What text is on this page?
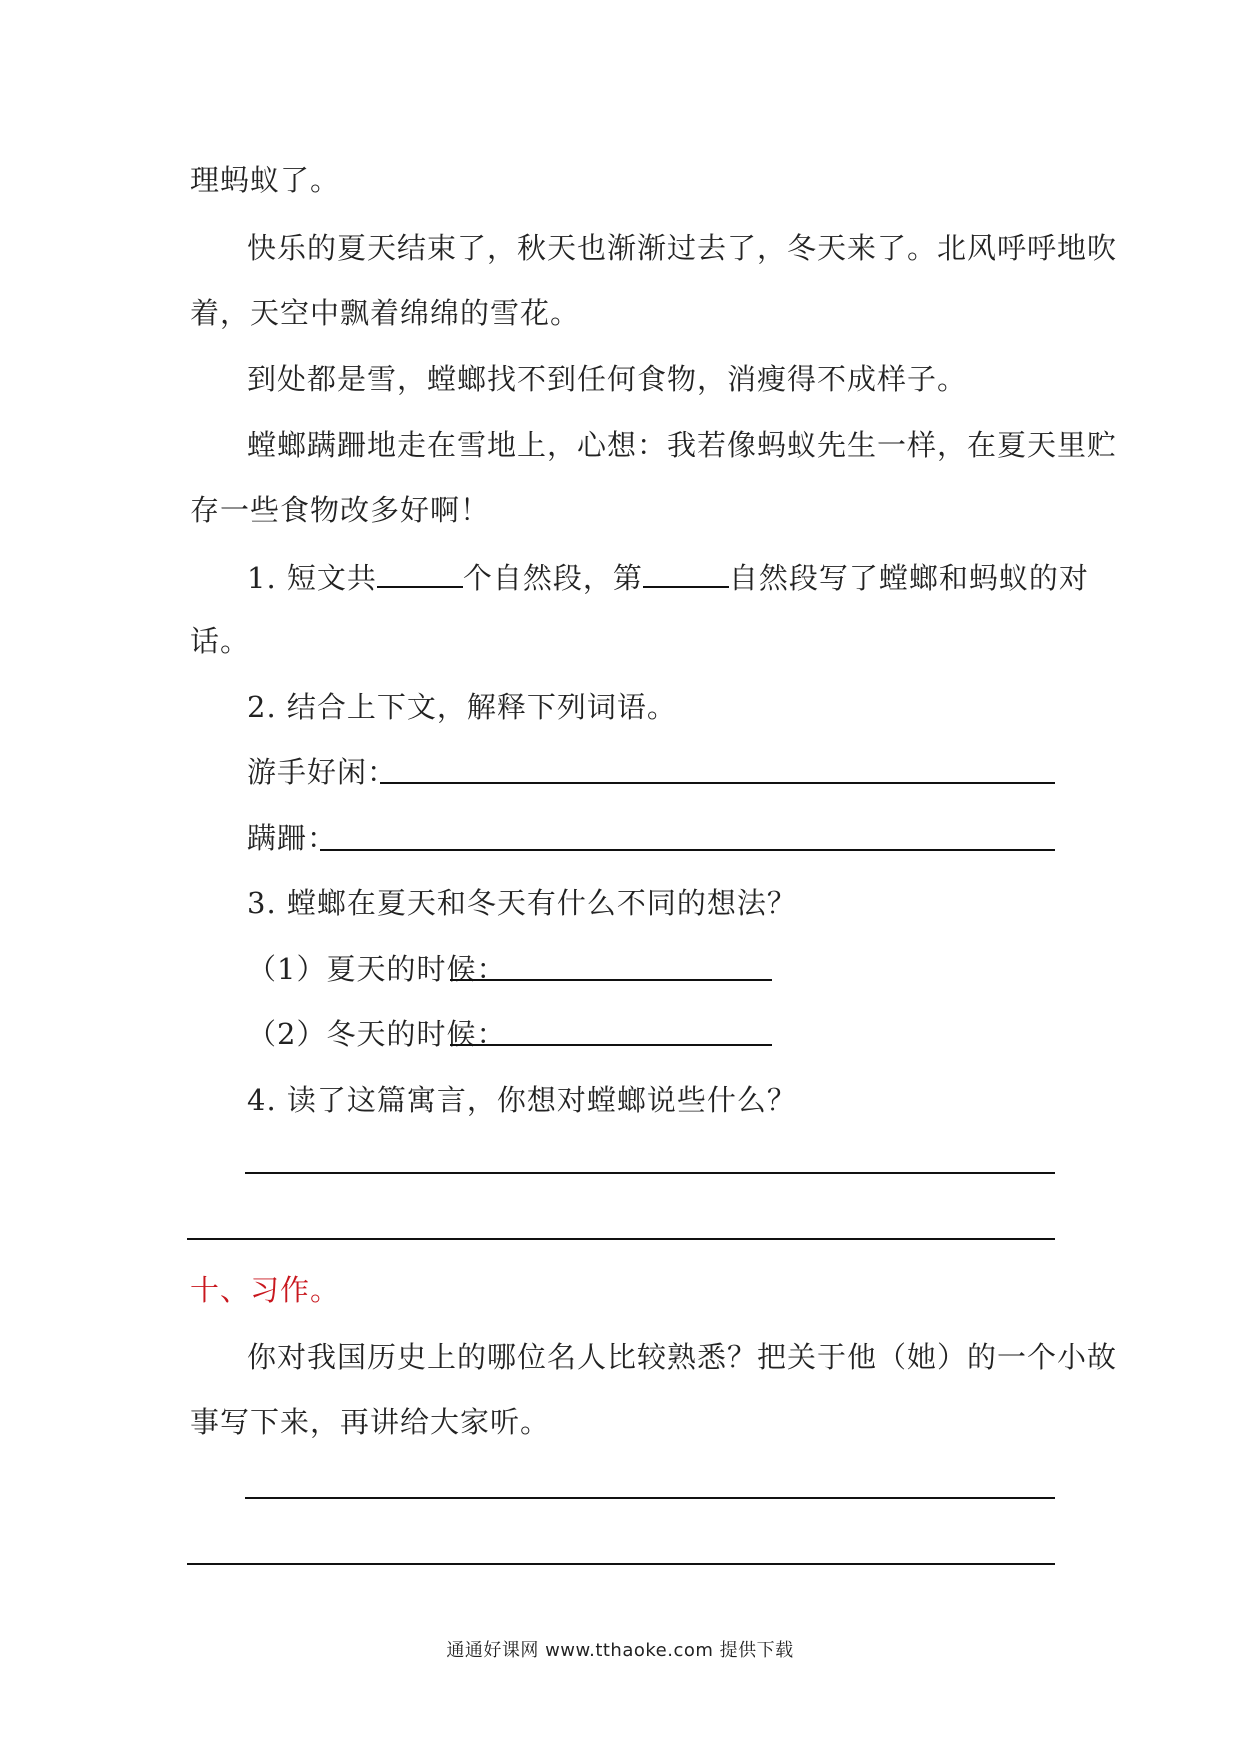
理蚂蚁了。
快乐的夏天结束了，秋天也渐渐过去了，冬天来了。北风呼呼地吹
着，天空中飘着绵绵的雪花。
到处都是雪，螳螂找不到任何食物，消瘦得不成样子。
螳螂蹒跚地走在雪地上，心想：我若像蚂蚁先生一样，在夏天里贮
存一些食物改多好啊！
1. 短文共	个自然段，第	自然段写了螳螂和蚂蚁的对
话。
2. 结合上下文，解释下列词语。
游手好闲：
蹒跚：
3. 螳螂在夏天和冬天有什么不同的想法？
（1）夏天的时候：
（2）冬天的时候：
4. 读了这篇寓言，你想对螳螂说些什么？
十、习作。
你对我国历史上的哪位名人比较熟悉？把关于他（她）的一个小故
事写下来，再讲给大家听。
通通好课网 www.tthaoke.com 提供下载
